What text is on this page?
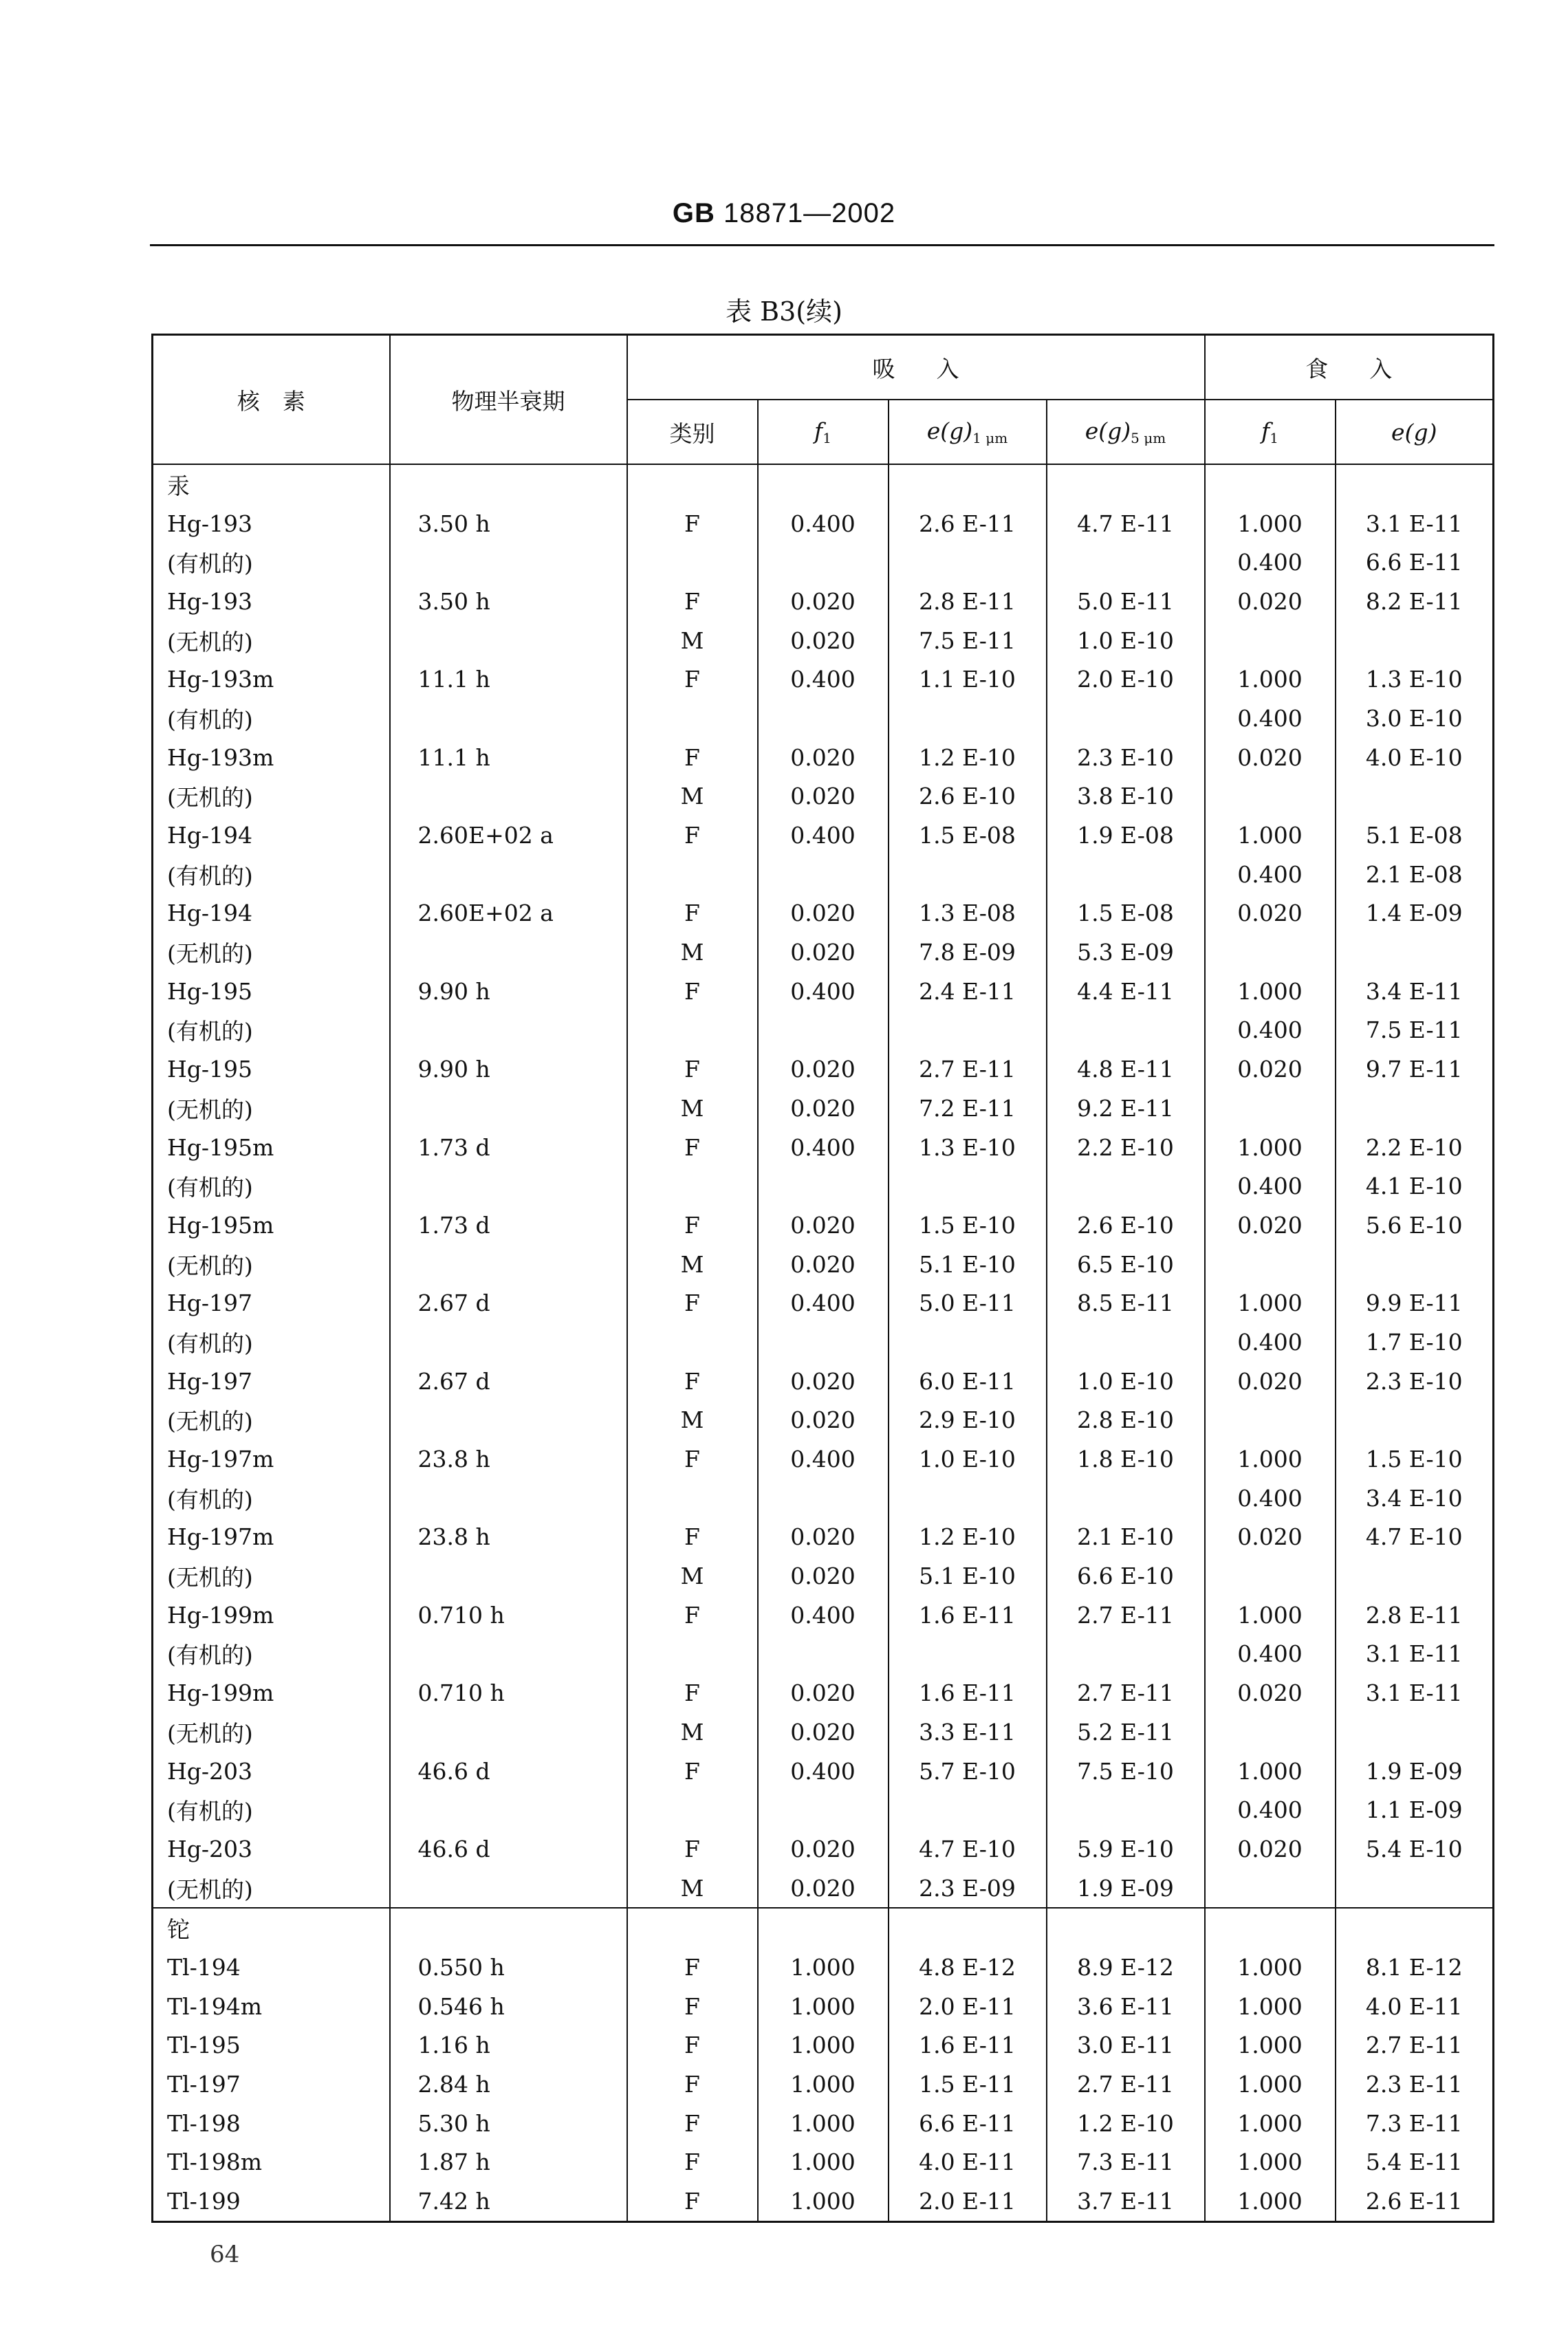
GB 18871—2002
表 B3(续)
核　素	物理半衰期	吸入				食入	
		类别	$f_1$	$e(g)_{1 \mu m}$	$e(g)_{5 \mu m}$	$f_1$	e(g)
汞							
Hg-193	3.50 h	F	0.400	2.6 E-11	4.7 E-11	1.000	3.1 E-11
(有机的)						0.400	6.6 E-11
Hg-193	3.50 h	F	0.020	2.8 E-11	5.0 E-11	0.020	8.2 E-11
(无机的)		M	0.020	7.5 E-11	1.0 E-10		
Hg-193m	11.1 h	F	0.400	1.1 E-10	2.0 E-10	1.000	1.3 E-10
(有机的)						0.400	3.0 E-10
Hg-193m	11.1 h	F	0.020	1.2 E-10	2.3 E-10	0.020	4.0 E-10
(无机的)		M	0.020	2.6 E-10	3.8 E-10		
Hg-194	2.60E+02 a	F	0.400	1.5 E-08	1.9 E-08	1.000	5.1 E-08
(有机的)						0.400	2.1 E-08
Hg-194	2.60E+02 a	F	0.020	1.3 E-08	1.5 E-08	0.020	1.4 E-09
(无机的)		M	0.020	7.8 E-09	5.3 E-09		
Hg-195	9.90 h	F	0.400	2.4 E-11	4.4 E-11	1.000	3.4 E-11
(有机的)						0.400	7.5 E-11
Hg-195	9.90 h	F	0.020	2.7 E-11	4.8 E-11	0.020	9.7 E-11
(无机的)		M	0.020	7.2 E-11	9.2 E-11		
Hg-195m	1.73 d	F	0.400	1.3 E-10	2.2 E-10	1.000	2.2 E-10
(有机的)						0.400	4.1 E-10
Hg-195m	1.73 d	F	0.020	1.5 E-10	2.6 E-10	0.020	5.6 E-10
(无机的)		M	0.020	5.1 E-10	6.5 E-10		
Hg-197	2.67 d	F	0.400	5.0 E-11	8.5 E-11	1.000	9.9 E-11
(有机的)						0.400	1.7 E-10
Hg-197	2.67 d	F	0.020	6.0 E-11	1.0 E-10	0.020	2.3 E-10
(无机的)		M	0.020	2.9 E-10	2.8 E-10		
Hg-197m	23.8 h	F	0.400	1.0 E-10	1.8 E-10	1.000	1.5 E-10
(有机的)						0.400	3.4 E-10
Hg-197m	23.8 h	F	0.020	1.2 E-10	2.1 E-10	0.020	4.7 E-10
(无机的)		M	0.020	5.1 E-10	6.6 E-10		
Hg-199m	0.710 h	F	0.400	1.6 E-11	2.7 E-11	1.000	2.8 E-11
(有机的)						0.400	3.1 E-11
Hg-199m	0.710 h	F	0.020	1.6 E-11	2.7 E-11	0.020	3.1 E-11
(无机的)		M	0.020	3.3 E-11	5.2 E-11		
Hg-203	46.6 d	F	0.400	5.7 E-10	7.5 E-10	1.000	1.9 E-09
(有机的)						0.400	1.1 E-09
Hg-203	46.6 d	F	0.020	4.7 E-10	5.9 E-10	0.020	5.4 E-10
(无机的)		M	0.020	2.3 E-09	1.9 E-09		
铊							
Tl-194	0.550 h	F	1.000	4.8 E-12	8.9 E-12	1.000	8.1 E-12
Tl-194m	0.546 h	F	1.000	2.0 E-11	3.6 E-11	1.000	4.0 E-11
Tl-195	1.16 h	F	1.000	1.6 E-11	3.0 E-11	1.000	2.7 E-11
Tl-197	2.84 h	F	1.000	1.5 E-11	2.7 E-11	1.000	2.3 E-11
Tl-198	5.30 h	F	1.000	6.6 E-11	1.2 E-10	1.000	7.3 E-11
Tl-198m	1.87 h	F	1.000	4.0 E-11	7.3 E-11	1.000	5.4 E-11
Tl-199	7.42 h	F	1.000	2.0 E-11	3.7 E-11	1.000	2.6 E-11
64
